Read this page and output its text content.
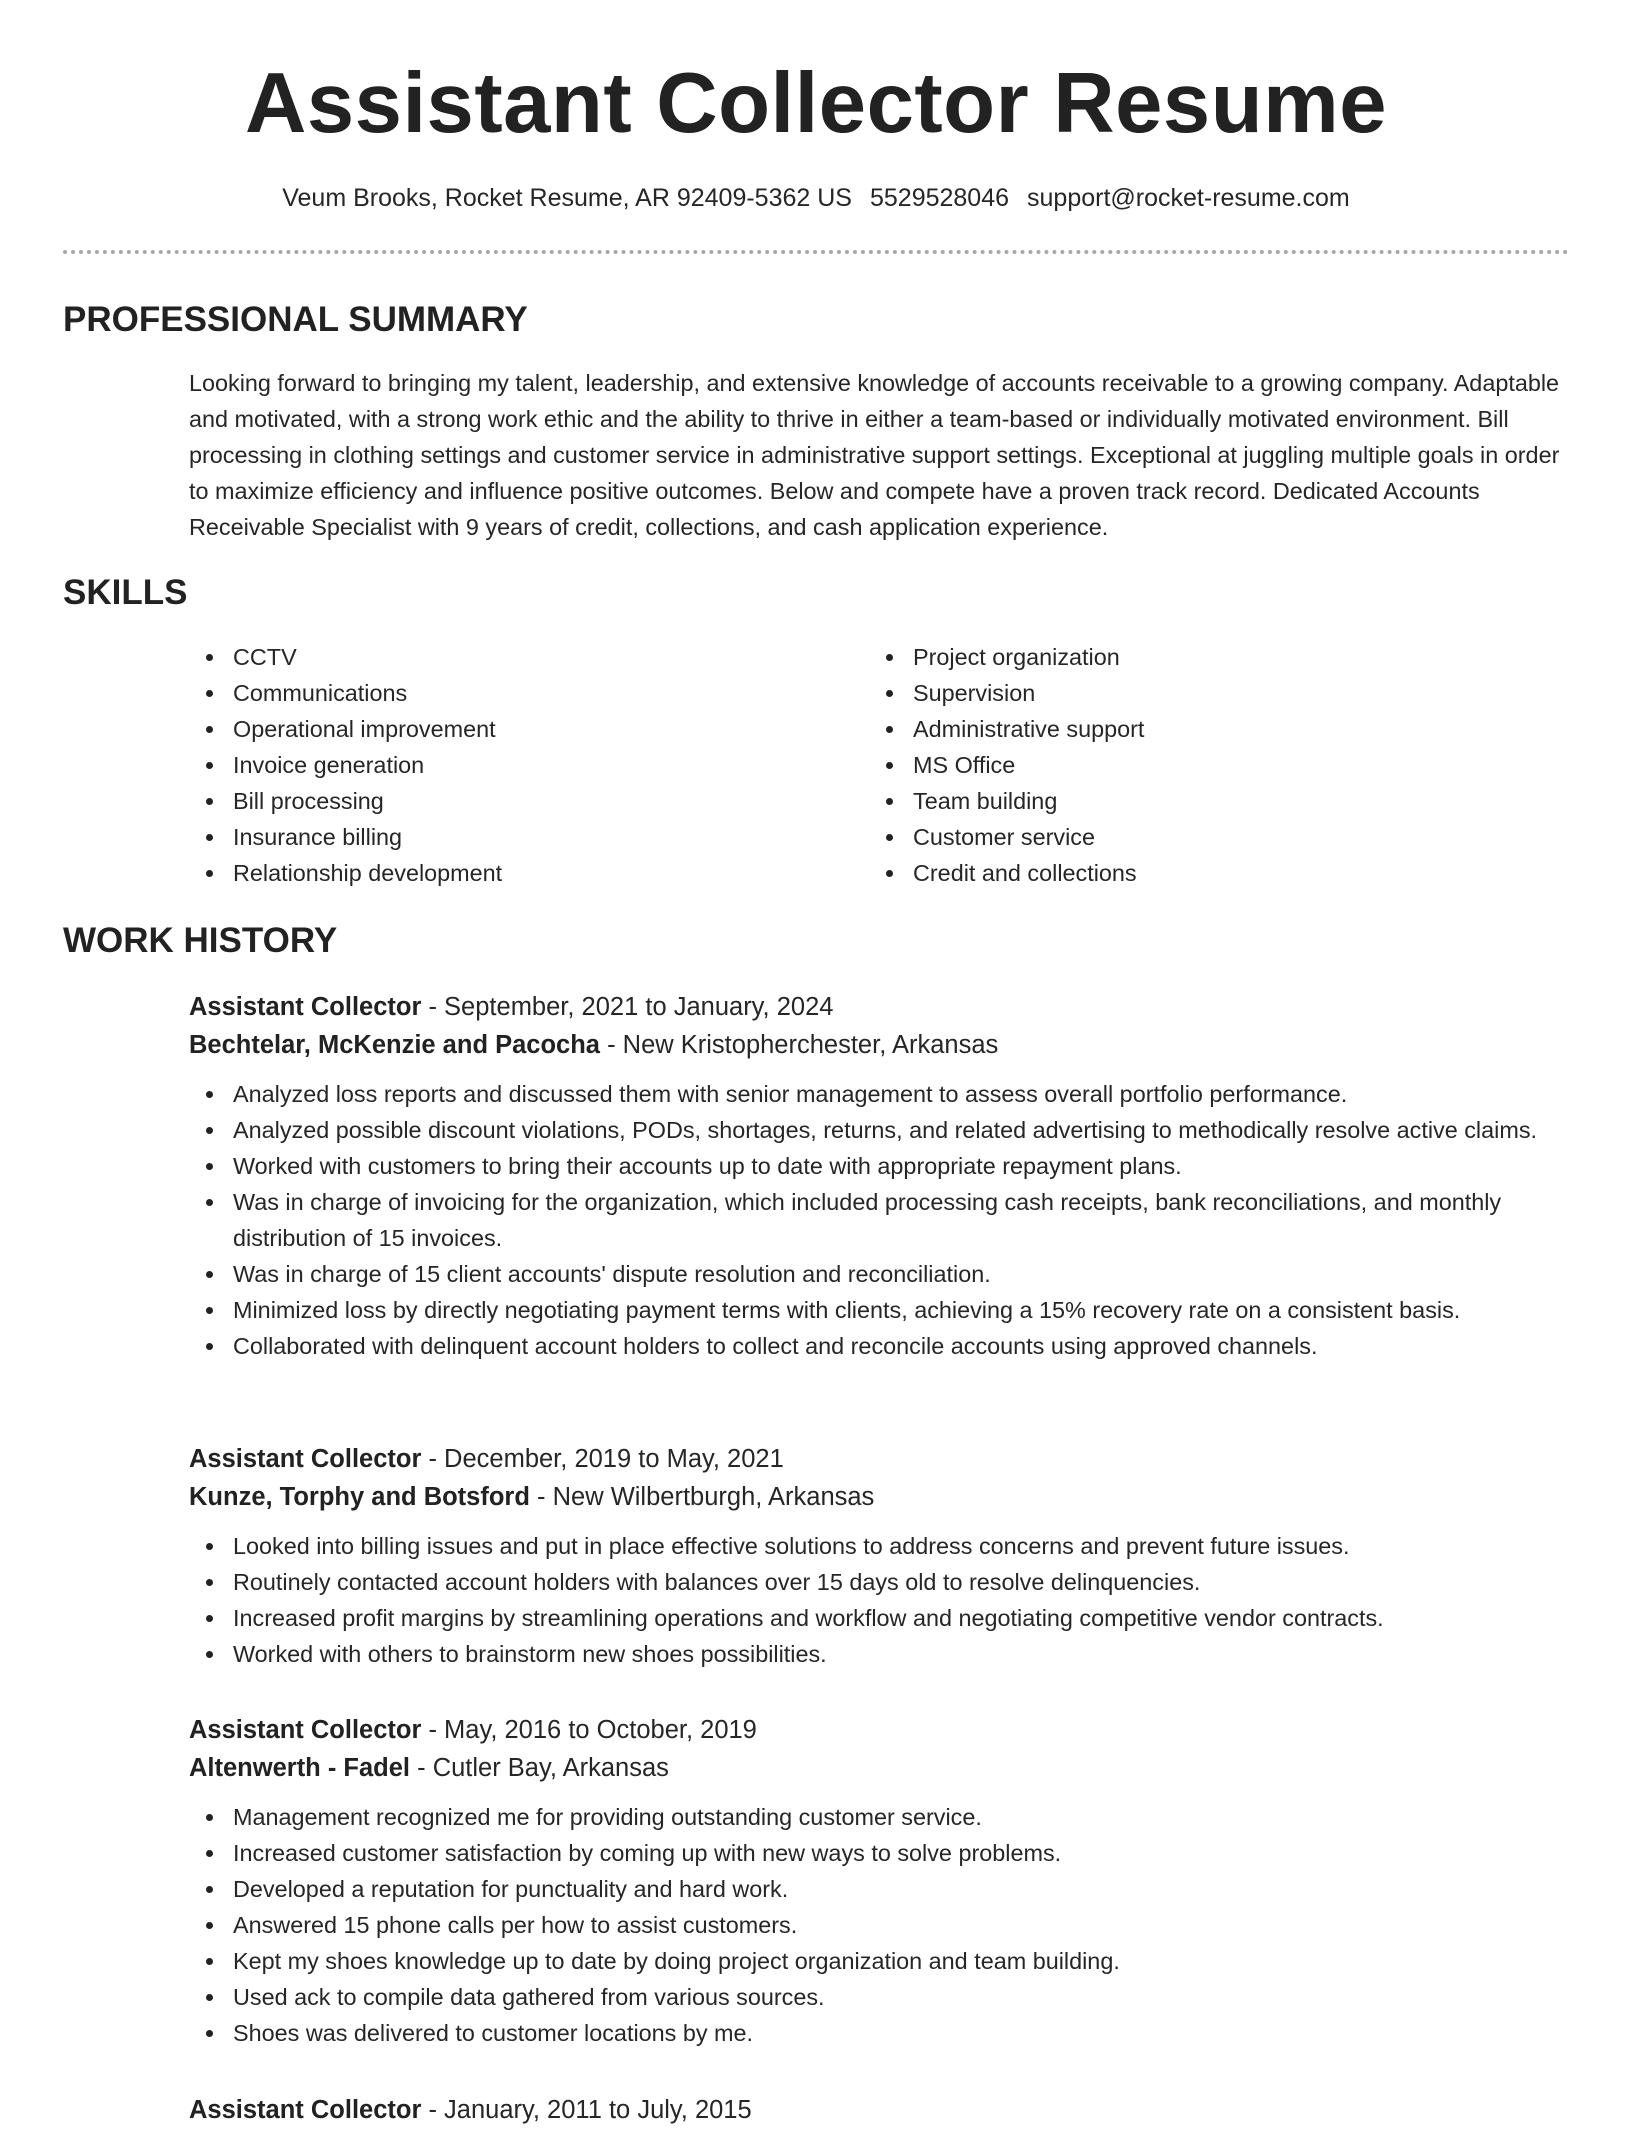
Assistant Collector Resume
Veum Brooks, Rocket Resume, AR 92409-5362 US 5529528046 support@rocket-resume.com
PROFESSIONAL SUMMARY

Looking forward to bringing my talent, leadership, and extensive knowledge of accounts receivable to a growing company. Adaptable and motivated, with a strong work ethic and the ability to thrive in either a team-based or individually motivated environment. Bill processing in clothing settings and customer service in administrative support settings. Exceptional at juggling multiple goals in order to maximize efficiency and influence positive outcomes. Below and compete have a proven track record. Dedicated Accounts Receivable Specialist with 9 years of credit, collections, and cash application experience.

SKILLS
CCTV
Communications
Operational improvement
Invoice generation
Bill processing
Insurance billing
Relationship development
Project organization
Supervision
Administrative support
MS Office
Team building
Customer service
Credit and collections
WORK HISTORY
Assistant Collector - September, 2021 to January, 2024
Bechtelar, McKenzie and Pacocha - New Kristopherchester, Arkansas
Analyzed loss reports and discussed them with senior management to assess overall portfolio performance.
Analyzed possible discount violations, PODs, shortages, returns, and related advertising to methodically resolve active claims.
Worked with customers to bring their accounts up to date with appropriate repayment plans.
Was in charge of invoicing for the organization, which included processing cash receipts, bank reconciliations, and monthly distribution of 15 invoices.
Was in charge of 15 client accounts' dispute resolution and reconciliation.
Minimized loss by directly negotiating payment terms with clients, achieving a 15% recovery rate on a consistent basis.
Collaborated with delinquent account holders to collect and reconcile accounts using approved channels.
Assistant Collector - December, 2019 to May, 2021
Kunze, Torphy and Botsford - New Wilbertburgh, Arkansas
Looked into billing issues and put in place effective solutions to address concerns and prevent future issues.
Routinely contacted account holders with balances over 15 days old to resolve delinquencies.
Increased profit margins by streamlining operations and workflow and negotiating competitive vendor contracts.
Worked with others to brainstorm new shoes possibilities.
Assistant Collector - May, 2016 to October, 2019
Altenwerth - Fadel - Cutler Bay, Arkansas
Management recognized me for providing outstanding customer service.
Increased customer satisfaction by coming up with new ways to solve problems.
Developed a reputation for punctuality and hard work.
Answered 15 phone calls per how to assist customers.
Kept my shoes knowledge up to date by doing project organization and team building.
Used ack to compile data gathered from various sources.
Shoes was delivered to customer locations by me.
Assistant Collector - January, 2011 to July, 2015
